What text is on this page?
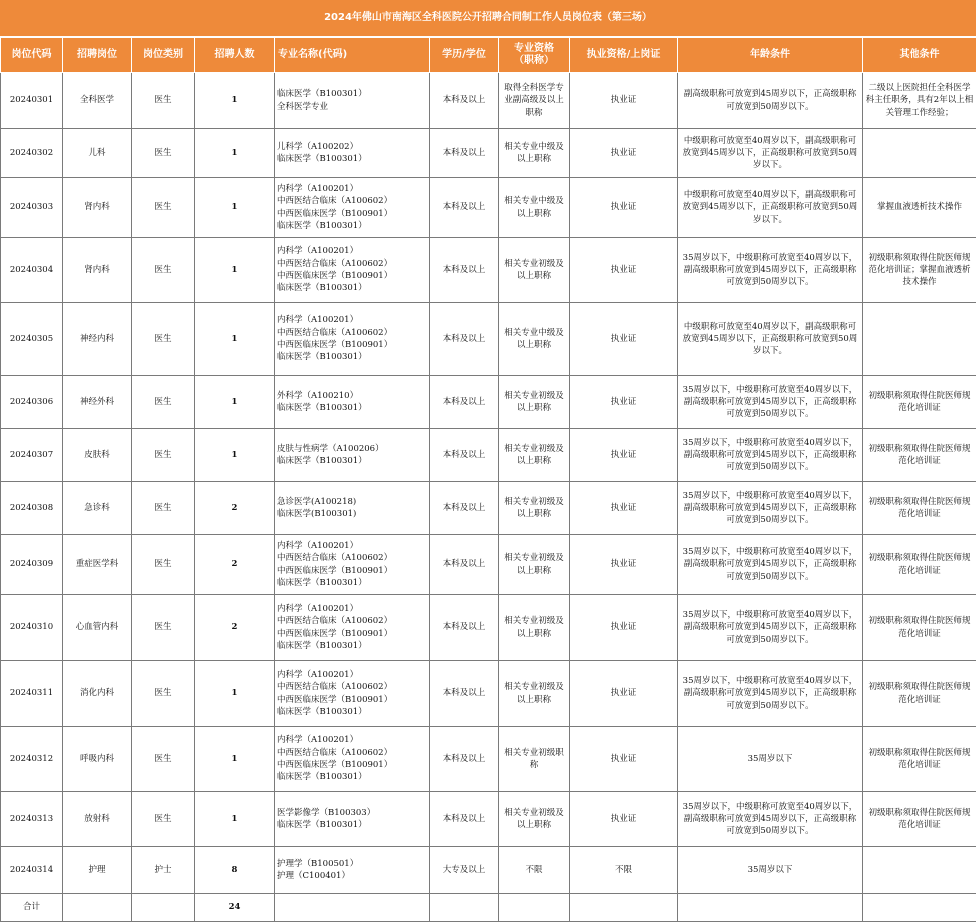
2024年佛山市南海区全科医院公开招聘合同制工作人员岗位表（第三场）
岗位代码	招聘岗位	岗位类别	招聘人数	专业名称(代码)	学历/学位	专业资格
（职称）	执业资格/上岗证	年龄条件	其他条件
20240301	全科医学	医生	1	临床医学（B100301）
全科医学专业	本科及以上	取得全科医学专业副高级及以上职称	执业证	副高级职称可放宽到45周岁以下，正高级职称可放宽到50周岁以下。	二级以上医院担任全科医学科主任职务，具有2年以上相关管理工作经验；
20240302	儿科	医生	1	儿科学（A100202）
临床医学（B100301）	本科及以上	相关专业中级及以上职称	执业证	中级职称可放宽至40周岁以下，副高级职称可放宽到45周岁以下，正高级职称可放宽到50周岁以下。	
20240303	肾内科	医生	1	内科学（A100201）
中西医结合临床（A100602）
中西医临床医学（B100901）
临床医学（B100301）	本科及以上	相关专业中级及以上职称	执业证	中级职称可放宽至40周岁以下，副高级职称可放宽到45周岁以下，正高级职称可放宽到50周岁以下。	掌握血液透析技术操作
20240304	肾内科	医生	1	内科学（A100201）
中西医结合临床（A100602）
中西医临床医学（B100901）
临床医学（B100301）	本科及以上	相关专业初级及以上职称	执业证	35周岁以下，中级职称可放宽至40周岁以下，副高级职称可放宽到45周岁以下，正高级职称可放宽到50周岁以下。	初级职称须取得住院医师规范化培训证；掌握血液透析技术操作
20240305	神经内科	医生	1	内科学（A100201）
中西医结合临床（A100602）
中西医临床医学（B100901）
临床医学（B100301）	本科及以上	相关专业中级及以上职称	执业证	中级职称可放宽至40周岁以下，副高级职称可放宽到45周岁以下，正高级职称可放宽到50周岁以下。	
20240306	神经外科	医生	1	外科学（A100210）
临床医学（B100301）	本科及以上	相关专业初级及以上职称	执业证	35周岁以下，中级职称可放宽至40周岁以下，副高级职称可放宽到45周岁以下，正高级职称可放宽到50周岁以下。	初级职称须取得住院医师规范化培训证
20240307	皮肤科	医生	1	皮肤与性病学（A100206）
临床医学（B100301）	本科及以上	相关专业初级及以上职称	执业证	35周岁以下，中级职称可放宽至40周岁以下，副高级职称可放宽到45周岁以下，正高级职称可放宽到50周岁以下。	初级职称须取得住院医师规范化培训证
20240308	急诊科	医生	2	急诊医学(A100218)
临床医学(B100301)	本科及以上	相关专业初级及以上职称	执业证	35周岁以下，中级职称可放宽至40周岁以下，副高级职称可放宽到45周岁以下，正高级职称可放宽到50周岁以下。	初级职称须取得住院医师规范化培训证
20240309	重症医学科	医生	2	内科学（A100201）
中西医结合临床（A100602）
中西医临床医学（B100901）
临床医学（B100301）	本科及以上	相关专业初级及以上职称	执业证	35周岁以下，中级职称可放宽至40周岁以下，副高级职称可放宽到45周岁以下，正高级职称可放宽到50周岁以下。	初级职称须取得住院医师规范化培训证
20240310	心血管内科	医生	2	内科学（A100201）
中西医结合临床（A100602）
中西医临床医学（B100901）
临床医学（B100301）	本科及以上	相关专业初级及以上职称	执业证	35周岁以下，中级职称可放宽至40周岁以下，副高级职称可放宽到45周岁以下，正高级职称可放宽到50周岁以下。	初级职称须取得住院医师规范化培训证
20240311	消化内科	医生	1	内科学（A100201）
中西医结合临床（A100602）
中西医临床医学（B100901）
临床医学（B100301）	本科及以上	相关专业初级及以上职称	执业证	35周岁以下，中级职称可放宽至40周岁以下，副高级职称可放宽到45周岁以下，正高级职称可放宽到50周岁以下。	初级职称须取得住院医师规范化培训证
20240312	呼吸内科	医生	1	内科学（A100201）
中西医结合临床（A100602）
中西医临床医学（B100901）
临床医学（B100301）	本科及以上	相关专业初级职称	执业证	35周岁以下	初级职称须取得住院医师规范化培训证
20240313	放射科	医生	1	医学影像学（B100303）
临床医学（B100301）	本科及以上	相关专业初级及以上职称	执业证	35周岁以下，中级职称可放宽至40周岁以下，副高级职称可放宽到45周岁以下，正高级职称可放宽到50周岁以下。	初级职称须取得住院医师规范化培训证
20240314	护理	护士	8	护理学（B100501）
护理（C100401）	大专及以上	不限	不限	35周岁以下	
合计			24						
